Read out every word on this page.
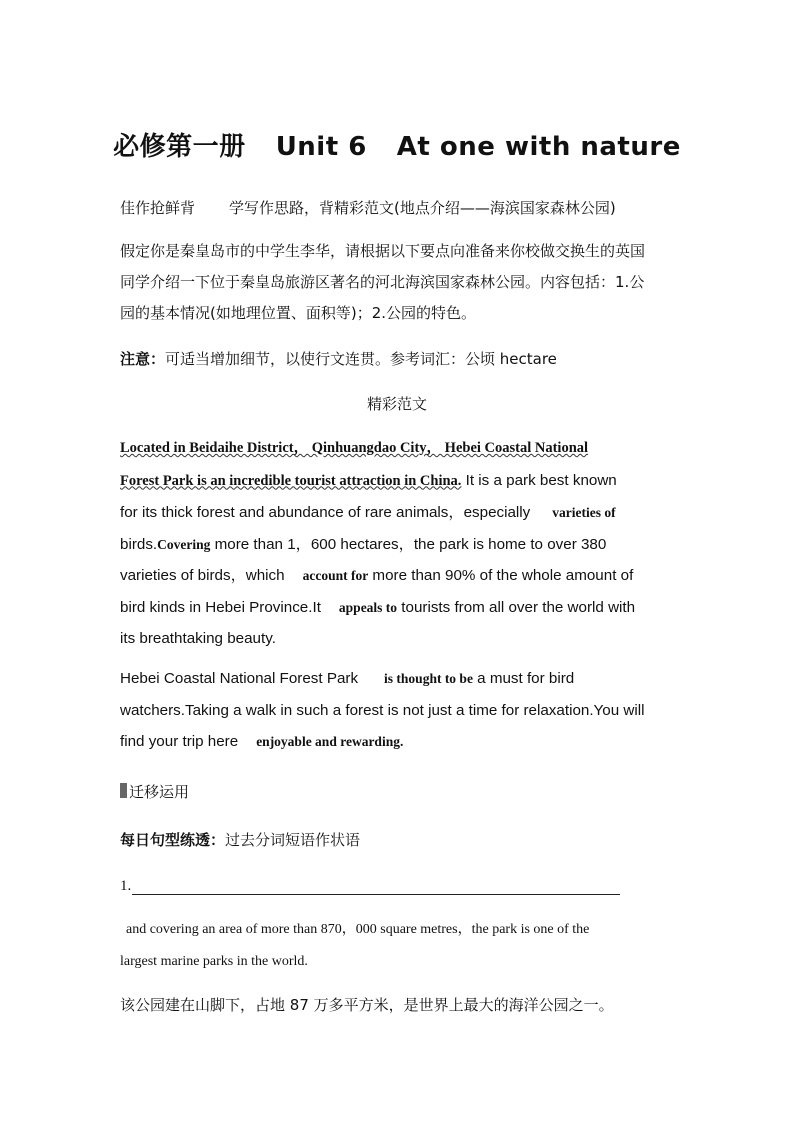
必修第一册 Unit 6 At one with nature
佳作抢鲜背 学写作思路，背精彩范文(地点介绍——海滨国家森林公园)
假定你是秦皇岛市的中学生李华，请根据以下要点向准备来你校做交换生的英国
同学介绍一下位于秦皇岛旅游区著名的河北海滨国家森林公园。内容包括：1.公
园的基本情况(如地理位置、面积等)；2.公园的特色。
注意：可适当增加细节，以使行文连贯。参考词汇：公顷 hectare
精彩范文
Located in Beidaihe District， Qinhuangdao City， Hebei Coastal National
Forest Park is an incredible tourist attraction in China. It is a park best known
for its thick forest and abundance of rare animals，especially varieties of
birds.Covering more than 1，600 hectares，the park is home to over 380
varieties of birds，which account for more than 90% of the whole amount of
bird kinds in Hebei Province.It appeals to tourists from all over the world with
its breathtaking beauty.
Hebei Coastal National Forest Park is thought to be a must for bird
watchers.Taking a walk in such a forest is not just a time for relaxation.You will
find your trip here enjoyable and rewarding.
迁移运用
每日句型练透：过去分词短语作状语
1.
and covering an area of more than 870，000 square metres，the park is one of the
largest marine parks in the world.
该公园建在山脚下，占地 87 万多平方米，是世界上最大的海洋公园之一。
